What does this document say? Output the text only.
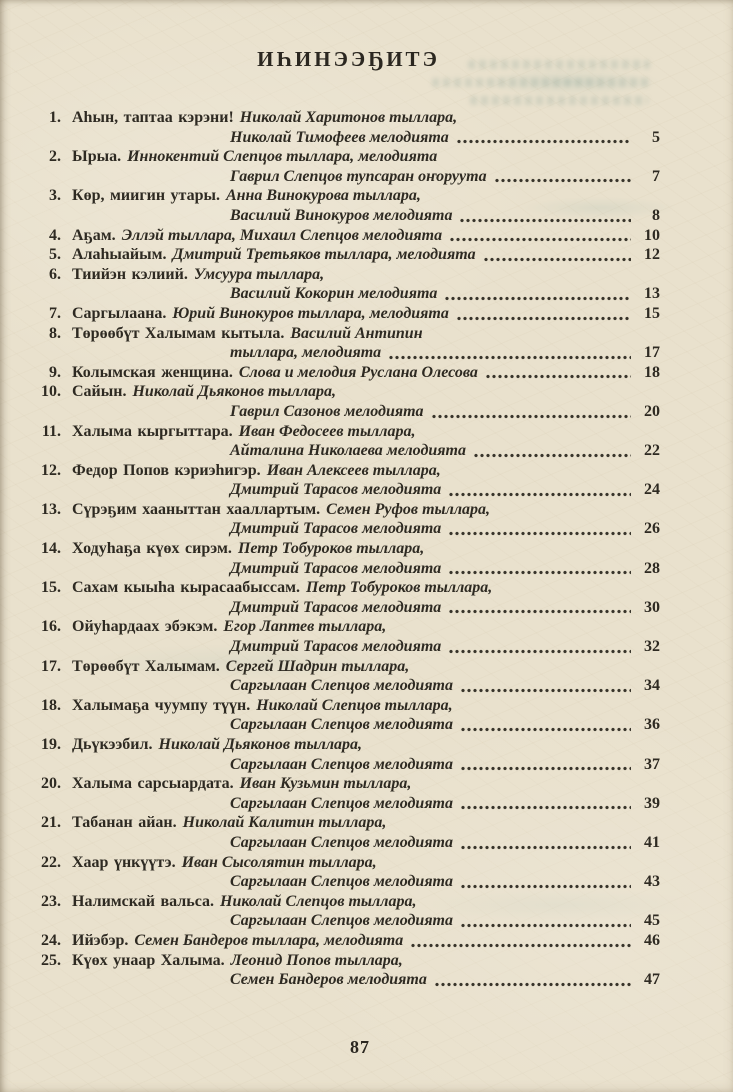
ИҺИНЭЭҔИТЭ
1. Аһын, таптаа кэрэни! Николай Харитонов тыллара,
Николай Тимофеев мелодията	5
2. Ырыа. Иннокентий Слепцов тыллара, мелодията
Гаврил Слепцов тупсаран оҥоруута	7
3. Көр, миигин утары. Анна Винокурова тыллара,
Василий Винокуров мелодията	8
4. Аҕам. Эллэй тыллара, Михаил Слепцов мелодията	10
5. Алаһыайым. Дмитрий Третьяков тыллара, мелодията	12
6. Тиийэн кэлиий. Умсуура тыллара,
Василий Кокорин мелодията	13
7. Саргылаана. Юрий Винокуров тыллара, мелодията	15
8. Төрөөбүт Халымам кытыла. Василий Антипин
тыллара, мелодията	17
9. Колымская женщина. Слова и мелодия Руслана Олесова	18
10. Сайын. Николай Дьяконов тыллара,
Гаврил Сазонов мелодията	20
11. Халыма кыргыттара. Иван Федосеев тыллара,
Айталина Николаева мелодията	22
12. Федор Попов кэриэһигэр. Иван Алексеев тыллара,
Дмитрий Тарасов мелодията	24
13. Сүрэҕим хааныттан хааллартым. Семен Руфов тыллара,
Дмитрий Тарасов мелодията	26
14. Ходуһаҕа күөх сирэм. Петр Тобуроков тыллара,
Дмитрий Тарасов мелодията	28
15. Сахам кыыһа кырасаабыссам. Петр Тобуроков тыллара,
Дмитрий Тарасов мелодията	30
16. Ойуһардаах эбэкэм. Егор Лаптев тыллара,
Дмитрий Тарасов мелодията	32
17. Төрөөбүт Халымам. Сергей Шадрин тыллара,
Саргылаан Слепцов мелодията	34
18. Халымаҕа чуумпу түүн. Николай Слепцов тыллара,
Саргылаан Слепцов мелодията	36
19. Дьүкээбил. Николай Дьяконов тыллара,
Саргылаан Слепцов мелодията	37
20. Халыма сарсыардата. Иван Кузьмин тыллара,
Саргылаан Слепцов мелодията	39
21. Табанан айан. Николай Калитин тыллара,
Саргылаан Слепцов мелодията	41
22. Хаар үнкүүтэ. Иван Сысолятин тыллара,
Саргылаан Слепцов мелодията	43
23. Налимскай вальса. Николай Слепцов тыллара,
Саргылаан Слепцов мелодията	45
24. Ийэбэр. Семен Бандеров тыллара, мелодията	46
25. Күөх унаар Халыма. Леонид Попов тыллара,
Семен Бандеров мелодията	47
87
